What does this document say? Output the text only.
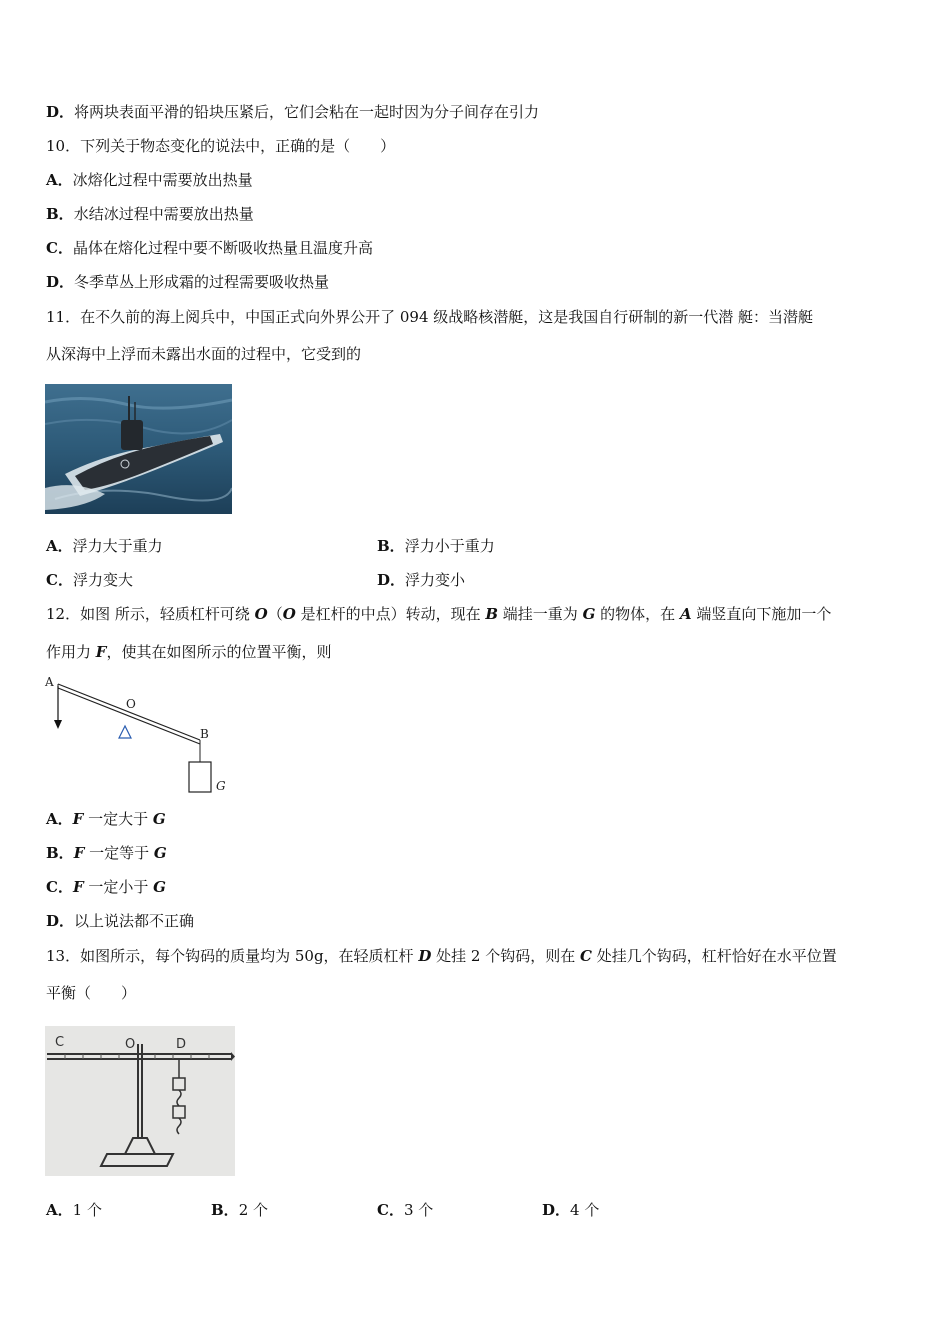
D．将两块表面平滑的铅块压紧后，它们会粘在一起时因为分子间存在引力
10．下列关于物态变化的说法中，正确的是（　　）
A．冰熔化过程中需要放出热量
B．水结冰过程中需要放出热量
C．晶体在熔化过程中要不断吸收热量且温度升高
D．冬季草丛上形成霜的过程需要吸收热量
11．在不久前的海上阅兵中，中国正式向外界公开了 094 级战略核潜艇，这是我国自行研制的新一代潜 艇：当潜艇
从深海中上浮而未露出水面的过程中，它受到的
A．浮力大于重力	B．浮力小于重力
C．浮力变大	D．浮力变小
12．如图 所示，轻质杠杆可绕 O（O 是杠杆的中点）转动，现在 B 端挂一重为 G 的物体，在 A 端竖直向下施加一个
作用力 F，使其在如图所示的位置平衡，则
A
O
B
G
A．F 一定大于 G
B．F 一定等于 G
C．F 一定小于 G
D．以上说法都不正确
13．如图所示，每个钩码的质量均为 50g，在轻质杠杆 D 处挂 2 个钩码，则在 C 处挂几个钩码，杠杆恰好在水平位置
平衡（　　）
C	O	D
A．1 个	B．2 个	C．3 个	D．4 个
